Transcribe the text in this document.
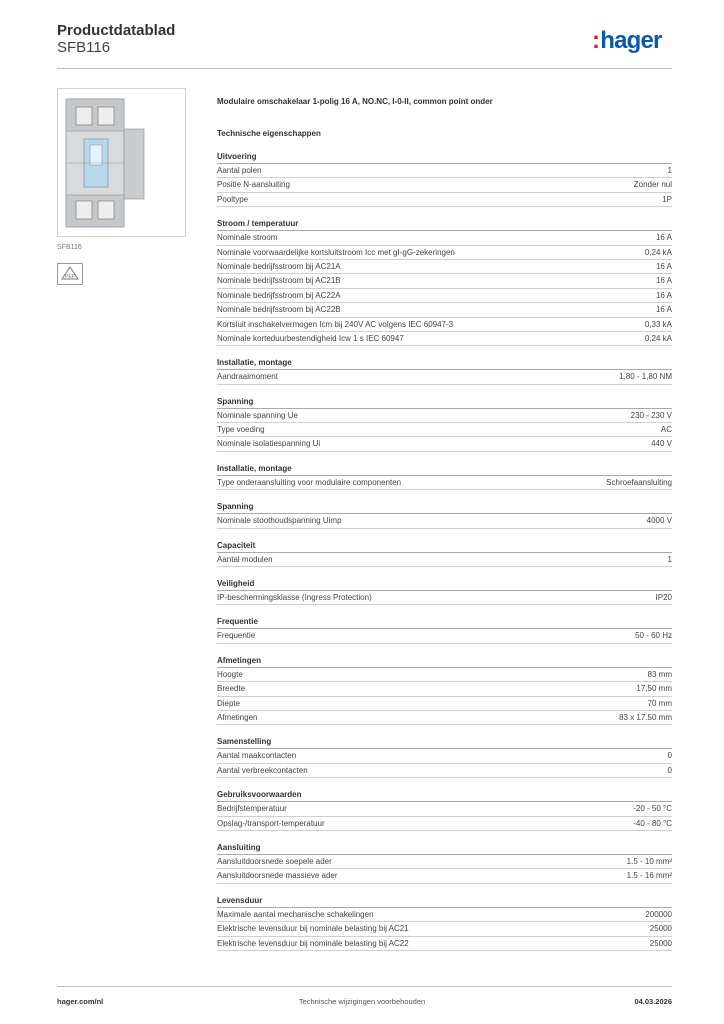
Productdatablad
SFB116	:hager
SFB116
PEP
Modulaire omschakelaar 1-polig 16 A, NO.NC, I-0-II, common point onder
Technische eigenschappen
Uitvoering
Aantal polen	1
Positie N-aansluiting	Zonder nul
Pooltype	1P
Stroom / temperatuur
Nominale stroom	16 A
Nominale voorwaardelijke kortsluitstroom Icc met gI-gG-zekeringen	0,24 kA
Nominale bedrijfsstroom bij AC21A	16 A
Nominale bedrijfsstroom bij AC21B	16 A
Nominale bedrijfsstroom bij AC22A	16 A
Nominale bedrijfsstroom bij AC22B	16 A
Kortsluit inschakelvermogen Icm bij 240V AC volgens IEC 60947-3	0,33 kA
Nominale korteduurbestendigheid Icw 1 s IEC 60947	0,24 kA
Installatie, montage
Aandraaimoment	1,80 - 1,80 NM
Spanning
Nominale spanning Ue	230 - 230 V
Type voeding	AC
Nominale isolatiespanning Ui	440 V
Installatie, montage
Type onderaansluiting voor modulaire componenten	Schroefaansluiting
Spanning
Nominale stoothoudspanning Uimp	4000 V
Capaciteit
Aantal modulen	1
Veiligheid
IP-beschermingsklasse (Ingress Protection)	IP20
Frequentie
Frequentie	50 - 60 Hz
Afmetingen
Hoogte	83 mm
Breedte	17,50 mm
Diepte	70 mm
Afmetingen	83 x 17.50 mm
Samenstelling
Aantal maakcontacten	0
Aantal verbreekcontacten	0
Gebruiksvoorwaarden
Bedrijfstemperatuur	-20 - 50 °C
Opslag-/transport-temperatuur	-40 - 80 °C
Aansluiting
Aansluitdoorsnede soepele ader	1.5 - 10 mm²
Aansluitdoorsnede massieve ader	1.5 - 16 mm²
Levensduur
Maximale aantal mechanische schakelingen	200000
Elektrische levensduur bij nominale belasting bij AC21	25000
Elektrische levensduur bij nominale belasting bij AC22	25000
hager.com/nl	Technische wijzigingen voorbehouden	04.03.2026
